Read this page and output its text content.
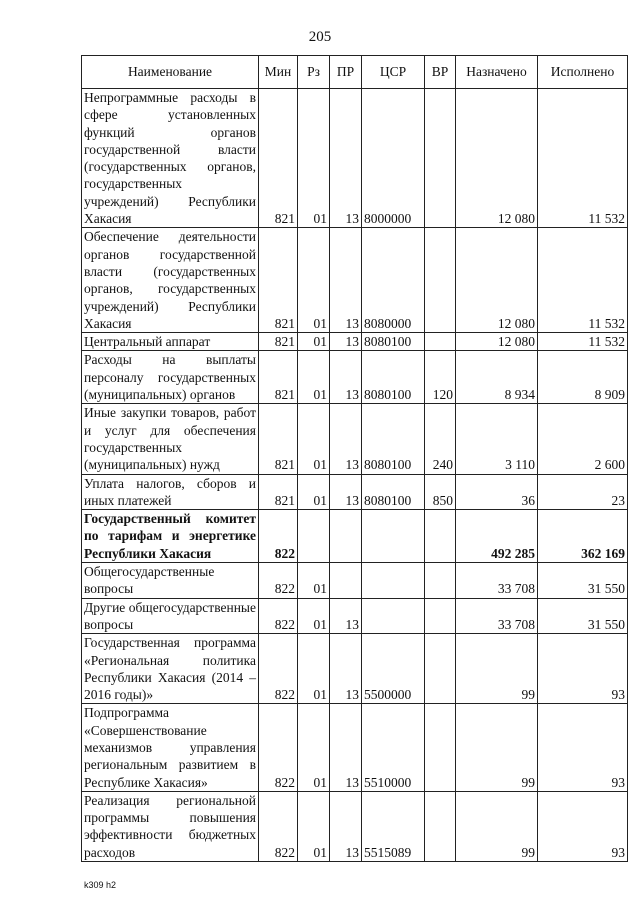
205
Наименование	Мин	Рз	ПР	ЦСР	ВР	Назначено	Исполнено
Непрограммные расходы в сфере установленных функций органов государственной власти (государственных органов, государственных учреждений) Республики Хакасия	821	01	13	8000000		12 080	11 532
Обеспечение деятельности органов государственной власти (государственных органов, государственных учреждений) Республики Хакасия	821	01	13	8080000		12 080	11 532
Центральный аппарат	821	01	13	8080100		12 080	11 532
Расходы на выплаты персоналу государственных (муниципальных) органов	821	01	13	8080100	120	8 934	8 909
Иные закупки товаров, работ и услуг для обеспечения государственных (муниципальных) нужд	821	01	13	8080100	240	3 110	2 600
Уплата налогов, сборов и иных платежей	821	01	13	8080100	850	36	23
Государственный комитет по тарифам и энергетике Республики Хакасия	822					492 285	362 169
Общегосударственные вопросы	822	01				33 708	31 550
Другие общегосударственные вопросы	822	01	13			33 708	31 550
Государственная программа «Региональная политика Республики Хакасия (2014 – 2016 годы)»	822	01	13	5500000		99	93
Подпрограмма «Совершенствование механизмов управления региональным развитием в Республике Хакасия»	822	01	13	5510000		99	93
Реализация региональной программы повышения эффективности бюджетных расходов	822	01	13	5515089		99	93
k309 h2
